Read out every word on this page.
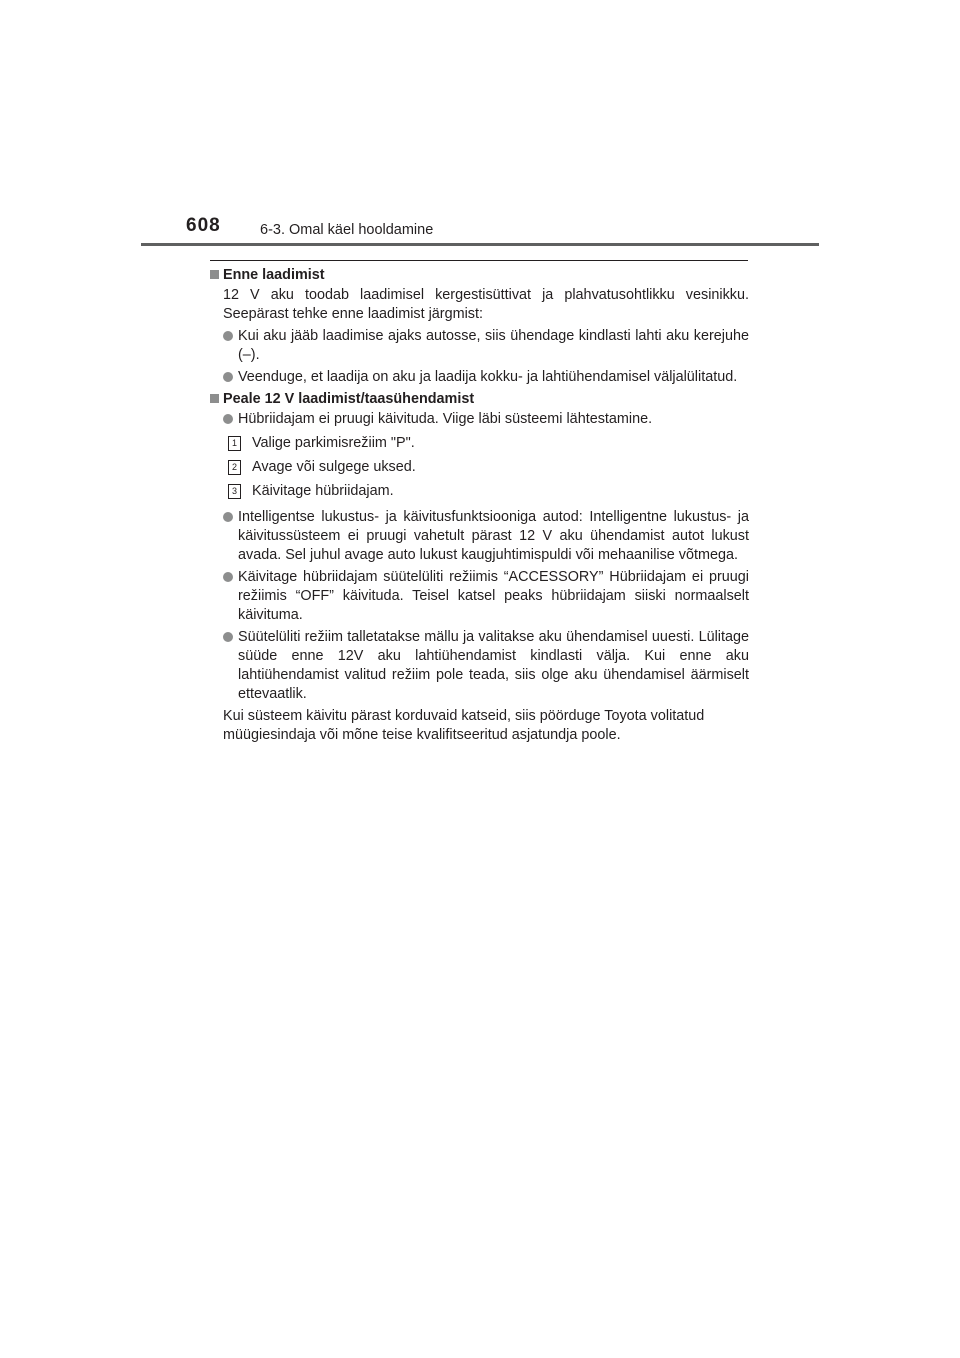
608	6-3. Omal käel hooldamine
Enne laadimist
12 V aku toodab laadimisel kergestisüttivat ja plahvatusohtlikku vesinikku. Seepärast tehke enne laadimist järgmist:
Kui aku jääb laadimise ajaks autosse, siis ühendage kindlasti lahti aku kerejuhe (–).
Veenduge, et laadija on aku ja laadija kokku- ja lahtiühendamisel väljalülitatud.
Peale 12 V laadimist/taasühendamist
Hübriidajam ei pruugi käivituda. Viige läbi süsteemi lähtestamine.
1 Valige parkimisrežiim "P".
2 Avage või sulgege uksed.
3 Käivitage hübriidajam.
Intelligentse lukustus- ja käivitusfunktsiooniga autod: Intelligentne lukustus- ja käivitussüsteem ei pruugi vahetult pärast 12 V aku ühendamist autot lukust avada. Sel juhul avage auto lukust kaugjuhtimispuldi või mehaanilise võtmega.
Käivitage hübriidajam süütelüliti režiimis “ACCESSORY” Hübriidajam ei pruugi režiimis “OFF” käivituda. Teisel katsel peaks hübriidajam siiski normaalselt käivituma.
Süütelüliti režiim talletatakse mällu ja valitakse aku ühendamisel uuesti. Lülitage süüde enne 12V aku lahtiühendamist kindlasti välja. Kui enne aku lahtiühendamist valitud režiim pole teada, siis olge aku ühendamisel äärmiselt ettevaatlik.
Kui süsteem käivitu pärast korduvaid katseid, siis pöörduge Toyota volitatud müügiesindaja või mõne teise kvalifitseeritud asjatundja poole.
